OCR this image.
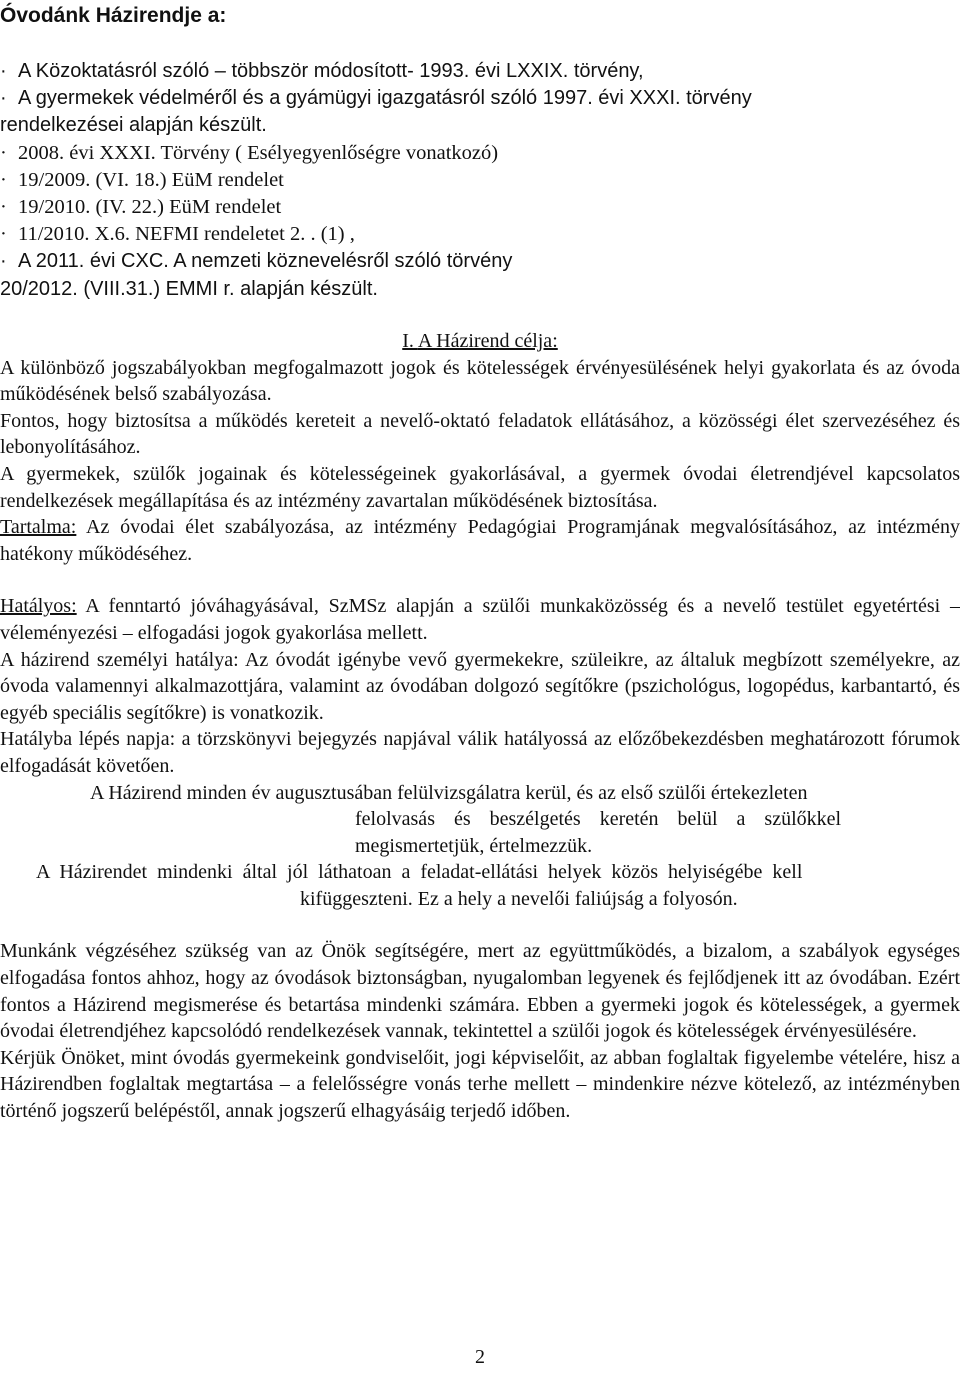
Óvodánk Házirendje a:
· A Közoktatásról szóló – többször módosított- 1993. évi LXXIX. törvény,
· A gyermekek védelméről és a gyámügyi igazgatásról szóló 1997. évi XXXI. törvény
rendelkezései alapján készült.
· 2008. évi XXXI. Törvény ( Esélyegyenlőségre vonatkozó)
· 19/2009. (VI. 18.) EüM rendelet
· 19/2010. (IV. 22.) EüM rendelet
· 11/2010. X.6. NEFMI rendeletet 2. . (1) ,
· A 2011. évi CXC. A nemzeti köznevelésről szóló törvény
20/2012. (VIII.31.) EMMI r. alapján készült.
I. A Házirend célja:
A különböző jogszabályokban megfogalmazott jogok és kötelességek érvényesülésének helyi gyakorlata és az óvoda működésének belső szabályozása.
Fontos, hogy biztosítsa a működés kereteit a nevelő-oktató feladatok ellátásához, a közösségi élet szervezéséhez és lebonyolításához.
A gyermekek, szülők jogainak és kötelességeinek gyakorlásával, a gyermek óvodai életrendjével kapcsolatos rendelkezések megállapítása és az intézmény zavartalan működésének biztosítása.
Tartalma: Az óvodai élet szabályozása, az intézmény Pedagógiai Programjának megvalósításához, az intézmény hatékony működéséhez.
Hatályos: A fenntartó jóváhagyásával, SzMSz alapján a szülői munkaközösség és a nevelő testület egyetértési – véleményezési – elfogadási jogok gyakorlása mellett.
A házirend személyi hatálya: Az óvodát igénybe vevő gyermekekre, szüleikre, az általuk megbízott személyekre, az óvoda valamennyi alkalmazottjára, valamint az óvodában dolgozó segítőkre (pszichológus, logopédus, karbantartó, és egyéb speciális segítőkre) is vonatkozik.
Hatályba lépés napja: a törzskönyvi bejegyzés napjával válik hatályossá az előzőbekezdésben meghatározott fórumok elfogadását követően.
A Házirend minden év augusztusában felülvizsgálatra kerül, és az első szülői értekezleten
felolvasás és beszélgetés keretén belül a szülőkkel
megismertetjük, értelmezzük.
A Házirendet mindenki által jól láthatoan a feladat-ellátási helyek közös helyiségébe kell
kifüggeszteni. Ez a hely a nevelői faliújság a folyosón.
Munkánk végzéséhez szükség van az Önök segítségére, mert az együttműködés, a bizalom, a szabályok egységes elfogadása fontos ahhoz, hogy az óvodások biztonságban, nyugalomban legyenek és fejlődjenek itt az óvodában. Ezért fontos a Házirend megismerése és betartása mindenki számára. Ebben a gyermeki jogok és kötelességek, a gyermek óvodai életrendjéhez kapcsolódó rendelkezések vannak, tekintettel a szülői jogok és kötelességek érvényesülésére.
Kérjük Önöket, mint óvodás gyermekeink gondviselőit, jogi képviselőit, az abban foglaltak figyelembe vételére, hisz a Házirendben foglaltak megtartása – a felelősségre vonás terhe mellett – mindenkire nézve kötelező, az intézményben történő jogszerű belépéstől, annak jogszerű elhagyásáig terjedő időben.
2
